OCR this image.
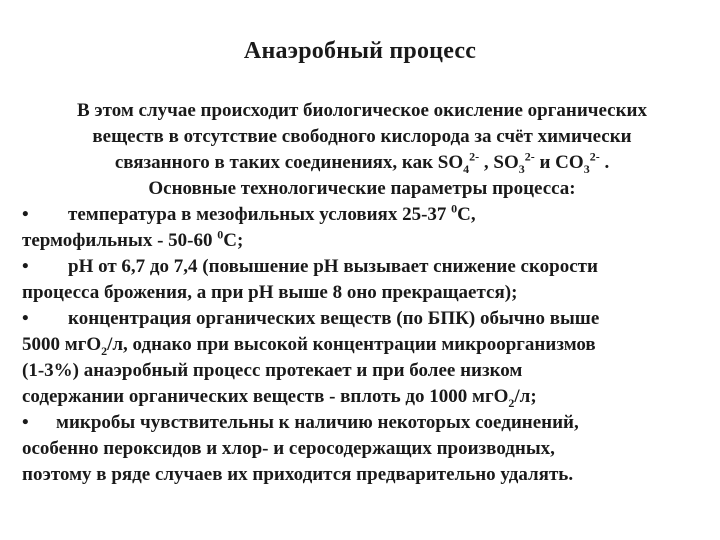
Анаэробный процесс
В этом случае происходит биологическое окисление органических
веществ в отсутствие свободного кислорода за счёт химически
связанного в таких соединениях, как $SO_4^{2-}$ , $SO_3^{2-}$ и $CO_3^{2-}$ .
Основные технологические параметры процесса:
• температура в мезофильных условиях 25-37 $^0$С,
термофильных - 50-60 $^0$С;
• рН от 6,7 до 7,4 (повышение рН вызывает снижение скорости
процесса брожения, а при рН выше 8 оно прекращается);
• концентрация органических веществ (по БПК) обычно выше
5000 мгО$_2$/л, однако при высокой концентрации микроорганизмов
(1-3%) анаэробный процесс протекает и при более низком
содержании органических веществ - вплоть до 1000 мгО$_2$/л;
• микробы чувствительны к наличию некоторых соединений,
особенно пероксидов и хлор- и серосодержащих производных,
поэтому в ряде случаев их приходится предварительно удалять.
